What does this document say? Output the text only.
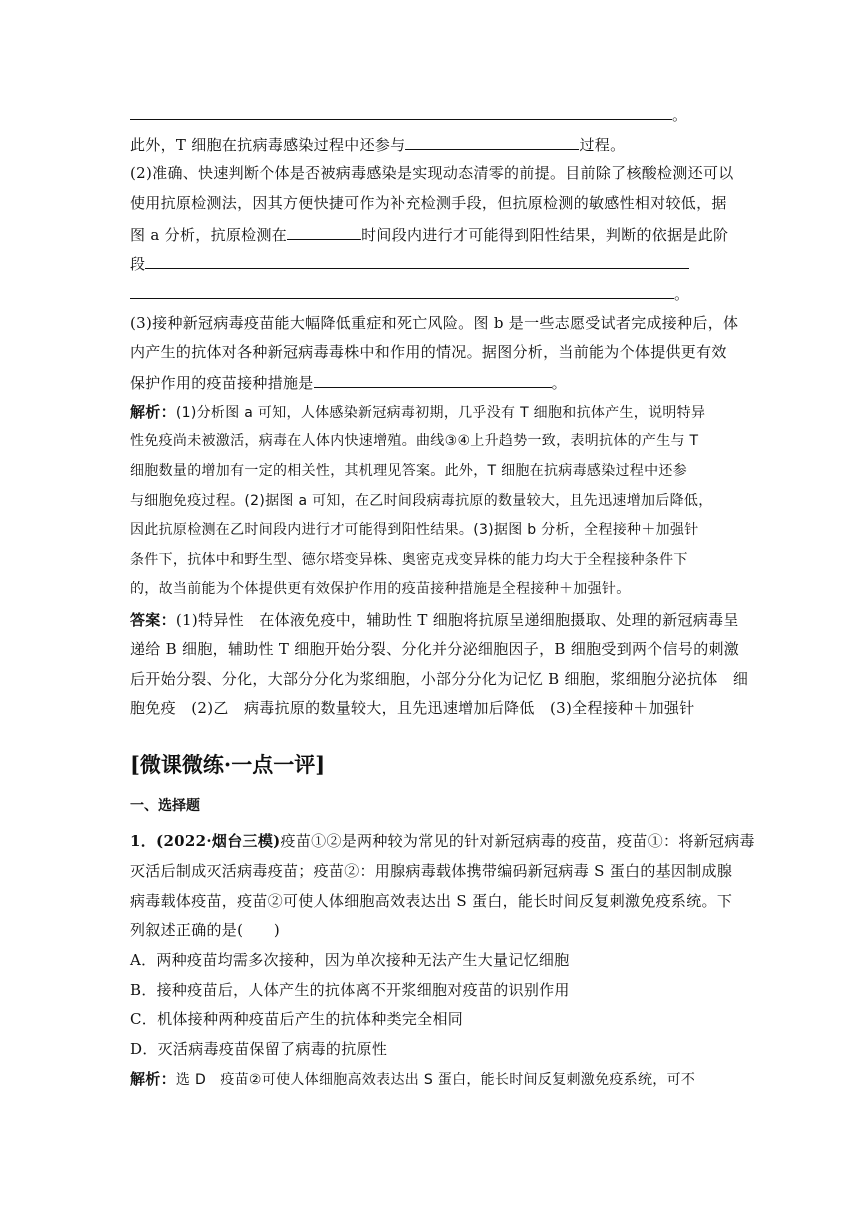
。
此外，T 细胞在抗病毒感染过程中还参与	过程。
(2)准确、快速判断个体是否被病毒感染是实现动态清零的前提。目前除了核酸检测还可以
使用抗原检测法，因其方便快捷可作为补充检测手段，但抗原检测的敏感性相对较低，据
图 a 分析，抗原检测在	时间段内进行才可能得到阳性结果，判断的依据是此阶
段
。
(3)接种新冠病毒疫苗能大幅降低重症和死亡风险。图 b 是一些志愿受试者完成接种后，体
内产生的抗体对各种新冠病毒毒株中和作用的情况。据图分析，当前能为个体提供更有效
保护作用的疫苗接种措施是	。
解析：(1)分析图 a 可知，人体感染新冠病毒初期，几乎没有 T 细胞和抗体产生，说明特异
性免疫尚未被激活，病毒在人体内快速增殖。曲线③④上升趋势一致，表明抗体的产生与 T
细胞数量的增加有一定的相关性，其机理见答案。此外，T 细胞在抗病毒感染过程中还参
与细胞免疫过程。(2)据图 a 可知，在乙时间段病毒抗原的数量较大，且先迅速增加后降低，
因此抗原检测在乙时间段内进行才可能得到阳性结果。(3)据图 b 分析，全程接种＋加强针
条件下，抗体中和野生型、德尔塔变异株、奥密克戎变异株的能力均大于全程接种条件下
的，故当前能为个体提供更有效保护作用的疫苗接种措施是全程接种＋加强针。
答案：(1)特异性　在体液免疫中，辅助性 T 细胞将抗原呈递细胞摄取、处理的新冠病毒呈
递给 B 细胞，辅助性 T 细胞开始分裂、分化并分泌细胞因子，B 细胞受到两个信号的刺激
后开始分裂、分化，大部分分化为浆细胞，小部分分化为记忆 B 细胞，浆细胞分泌抗体　细
胞免疫　(2)乙　病毒抗原的数量较大，且先迅速增加后降低　(3)全程接种＋加强针
[微课微练·一点一评]
一、选择题
1．(2022·烟台三模)疫苗①②是两种较为常见的针对新冠病毒的疫苗，疫苗①：将新冠病毒
灭活后制成灭活病毒疫苗；疫苗②：用腺病毒载体携带编码新冠病毒 S 蛋白的基因制成腺
病毒载体疫苗，疫苗②可使人体细胞高效表达出 S 蛋白，能长时间反复刺激免疫系统。下
列叙述正确的是(　　)
A．两种疫苗均需多次接种，因为单次接种无法产生大量记忆细胞
B．接种疫苗后，人体产生的抗体离不开浆细胞对疫苗的识别作用
C．机体接种两种疫苗后产生的抗体种类完全相同
D．灭活病毒疫苗保留了病毒的抗原性
解析：选 D　疫苗②可使人体细胞高效表达出 S 蛋白，能长时间反复刺激免疫系统，可不
